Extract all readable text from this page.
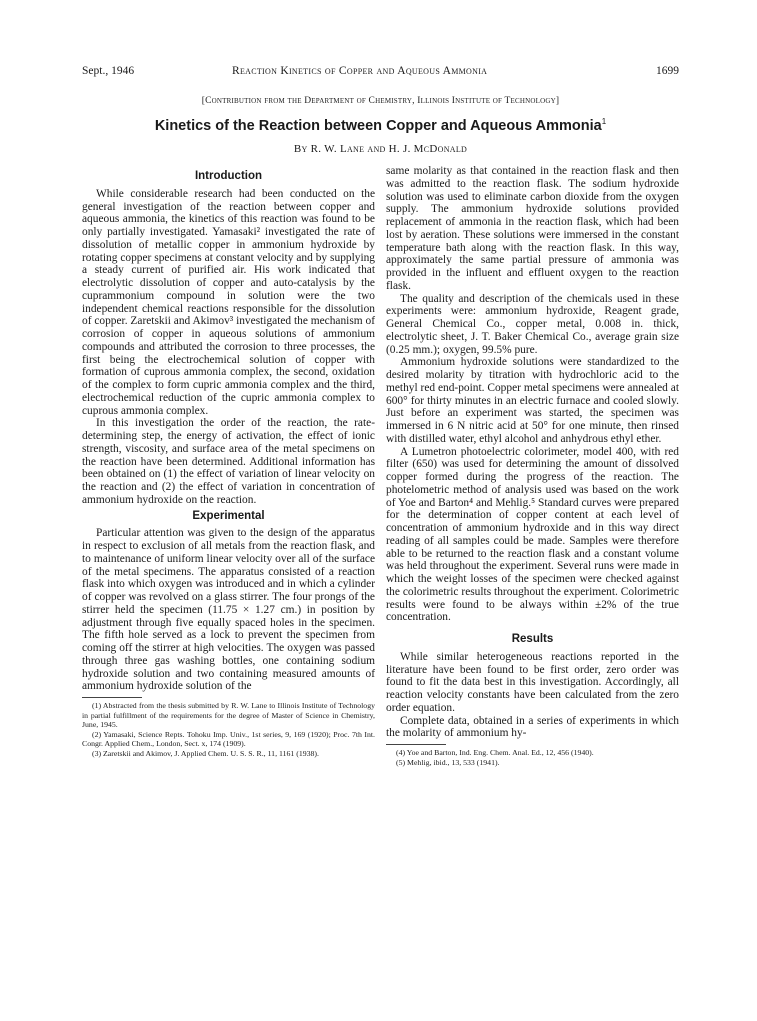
Sept., 1946	Reaction Kinetics of Copper and Aqueous Ammonia	1699
[Contribution from the Department of Chemistry, Illinois Institute of Technology]
Kinetics of the Reaction between Copper and Aqueous Ammonia$^1$
By R. W. Lane and H. J. McDonald
Introduction

While considerable research had been conducted on the general investigation of the reaction between copper and aqueous ammonia, the kinetics of this reaction was found to be only partially investigated. Yamasaki² investigated the rate of dissolution of metallic copper in ammonium hydroxide by rotating copper specimens at constant velocity and by supplying a steady current of purified air. His work indicated that electrolytic dissolution of copper and auto-catalysis by the cuprammonium compound in solution were the two independent chemical reactions responsible for the dissolution of copper. Zaretskii and Akimov³ investigated the mechanism of corrosion of copper in aqueous solutions of ammonium compounds and attributed the corrosion to three processes, the first being the electrochemical solution of copper with formation of cuprous ammonia complex, the second, oxidation of the complex to form cupric ammonia complex and the third, electrochemical reduction of the cupric ammonia complex to cuprous ammonia complex.

In this investigation the order of the reaction, the rate-determining step, the energy of activation, the effect of ionic strength, viscosity, and surface area of the metal specimens on the reaction have been determined. Additional information has been obtained on (1) the effect of variation of linear velocity on the reaction and (2) the effect of variation in concentration of ammonium hydroxide on the reaction.

Experimental

Particular attention was given to the design of the apparatus in respect to exclusion of all metals from the reaction flask, and to maintenance of uniform linear velocity over all of the surface of the metal specimens. The apparatus consisted of a reaction flask into which oxygen was introduced and in which a cylinder of copper was revolved on a glass stirrer. The four prongs of the stirrer held the specimen (11.75 × 1.27 cm.) in position by adjustment through five equally spaced holes in the specimen. The fifth hole served as a lock to prevent the specimen from coming off the stirrer at high velocities. The oxygen was passed through three gas washing bottles, one containing sodium hydroxide solution and two containing measured amounts of ammonium hydroxide solution of the

(1) Abstracted from the thesis submitted by R. W. Lane to Illinois Institute of Technology in partial fulfillment of the requirements for the degree of Master of Science in Chemistry, June, 1945.

(2) Yamasaki, Science Repts. Tohoku Imp. Univ., 1st series, 9, 169 (1920); Proc. 7th Int. Congr. Applied Chem., London, Sect. x, 174 (1909).

(3) Zaretskii and Akimov, J. Applied Chem. U. S. S. R., 11, 1161 (1938).

same molarity as that contained in the reaction flask and then was admitted to the reaction flask. The sodium hydroxide solution was used to eliminate carbon dioxide from the oxygen supply. The ammonium hydroxide solutions provided replacement of ammonia in the reaction flask, which had been lost by aeration. These solutions were immersed in the constant temperature bath along with the reaction flask. In this way, approximately the same partial pressure of ammonia was provided in the influent and effluent oxygen to the reaction flask.

The quality and description of the chemicals used in these experiments were: ammonium hydroxide, Reagent grade, General Chemical Co., copper metal, 0.008 in. thick, electrolytic sheet, J. T. Baker Chemical Co., average grain size (0.25 mm.); oxygen, 99.5% pure.

Ammonium hydroxide solutions were standardized to the desired molarity by titration with hydrochloric acid to the methyl red end-point. Copper metal specimens were annealed at 600° for thirty minutes in an electric furnace and cooled slowly. Just before an experiment was started, the specimen was immersed in 6 N nitric acid at 50° for one minute, then rinsed with distilled water, ethyl alcohol and anhydrous ethyl ether.

A Lumetron photoelectric colorimeter, model 400, with red filter (650) was used for determining the amount of dissolved copper formed during the progress of the reaction. The photelometric method of analysis used was based on the work of Yoe and Barton⁴ and Mehlig.⁵ Standard curves were prepared for the determination of copper content at each level of concentration of ammonium hydroxide and in this way direct reading of all samples could be made. Samples were therefore able to be returned to the reaction flask and a constant volume was held throughout the experiment. Several runs were made in which the weight losses of the specimen were checked against the colorimetric results throughout the experiment. Colorimetric results were found to be always within ±2% of the true concentration.

Results

While similar heterogeneous reactions reported in the literature have been found to be first order, zero order was found to fit the data best in this investigation. Accordingly, all reaction velocity constants have been calculated from the zero order equation.

Complete data, obtained in a series of experiments in which the molarity of ammonium hy-

(4) Yoe and Barton, Ind. Eng. Chem. Anal. Ed., 12, 456 (1940).

(5) Mehlig, ibid., 13, 533 (1941).
